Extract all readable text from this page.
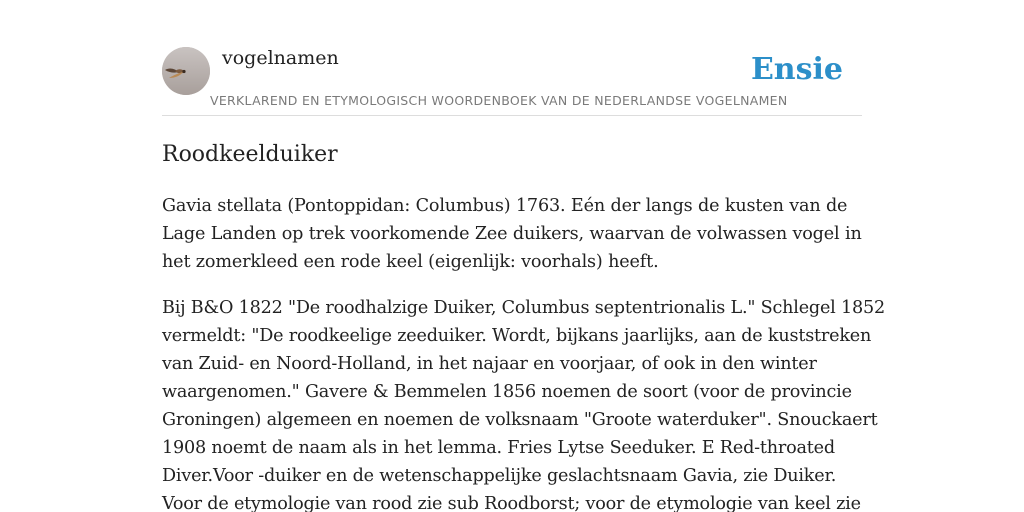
vogelnamen	Ensie
VERKLAREND EN ETYMOLOGISCH WOORDENBOEK VAN DE NEDERLANDSE VOGELNAMEN
Roodkeelduiker

Gavia stellata (Pontoppidan: Columbus) 1763. Eén der langs de kusten van de
Lage Landen op trek voorkomende Zee duikers, waarvan de volwassen vogel in
het zomerkleed een rode keel (eigenlijk: voorhals) heeft.

Bij B&O 1822 "De roodhalzige Duiker, Columbus septentrionalis L." Schlegel 1852
vermeldt: "De roodkeelige zeeduiker. Wordt, bijkans jaarlijks, aan de kuststreken
van Zuid- en Noord-Holland, in het najaar en voorjaar, of ook in den winter
waargenomen." Gavere & Bemmelen 1856 noemen de soort (voor de provincie
Groningen) algemeen en noemen de volksnaam "Groote waterduker". Snouckaert
1908 noemt de naam als in het lemma. Fries Lytse Seeduker. E Red-throated
Diver.Voor -duiker en de wetenschappelijke geslachtsnaam Gavia, zie Duiker.
Voor de etymologie van rood zie sub Roodborst; voor de etymologie van keel zie
